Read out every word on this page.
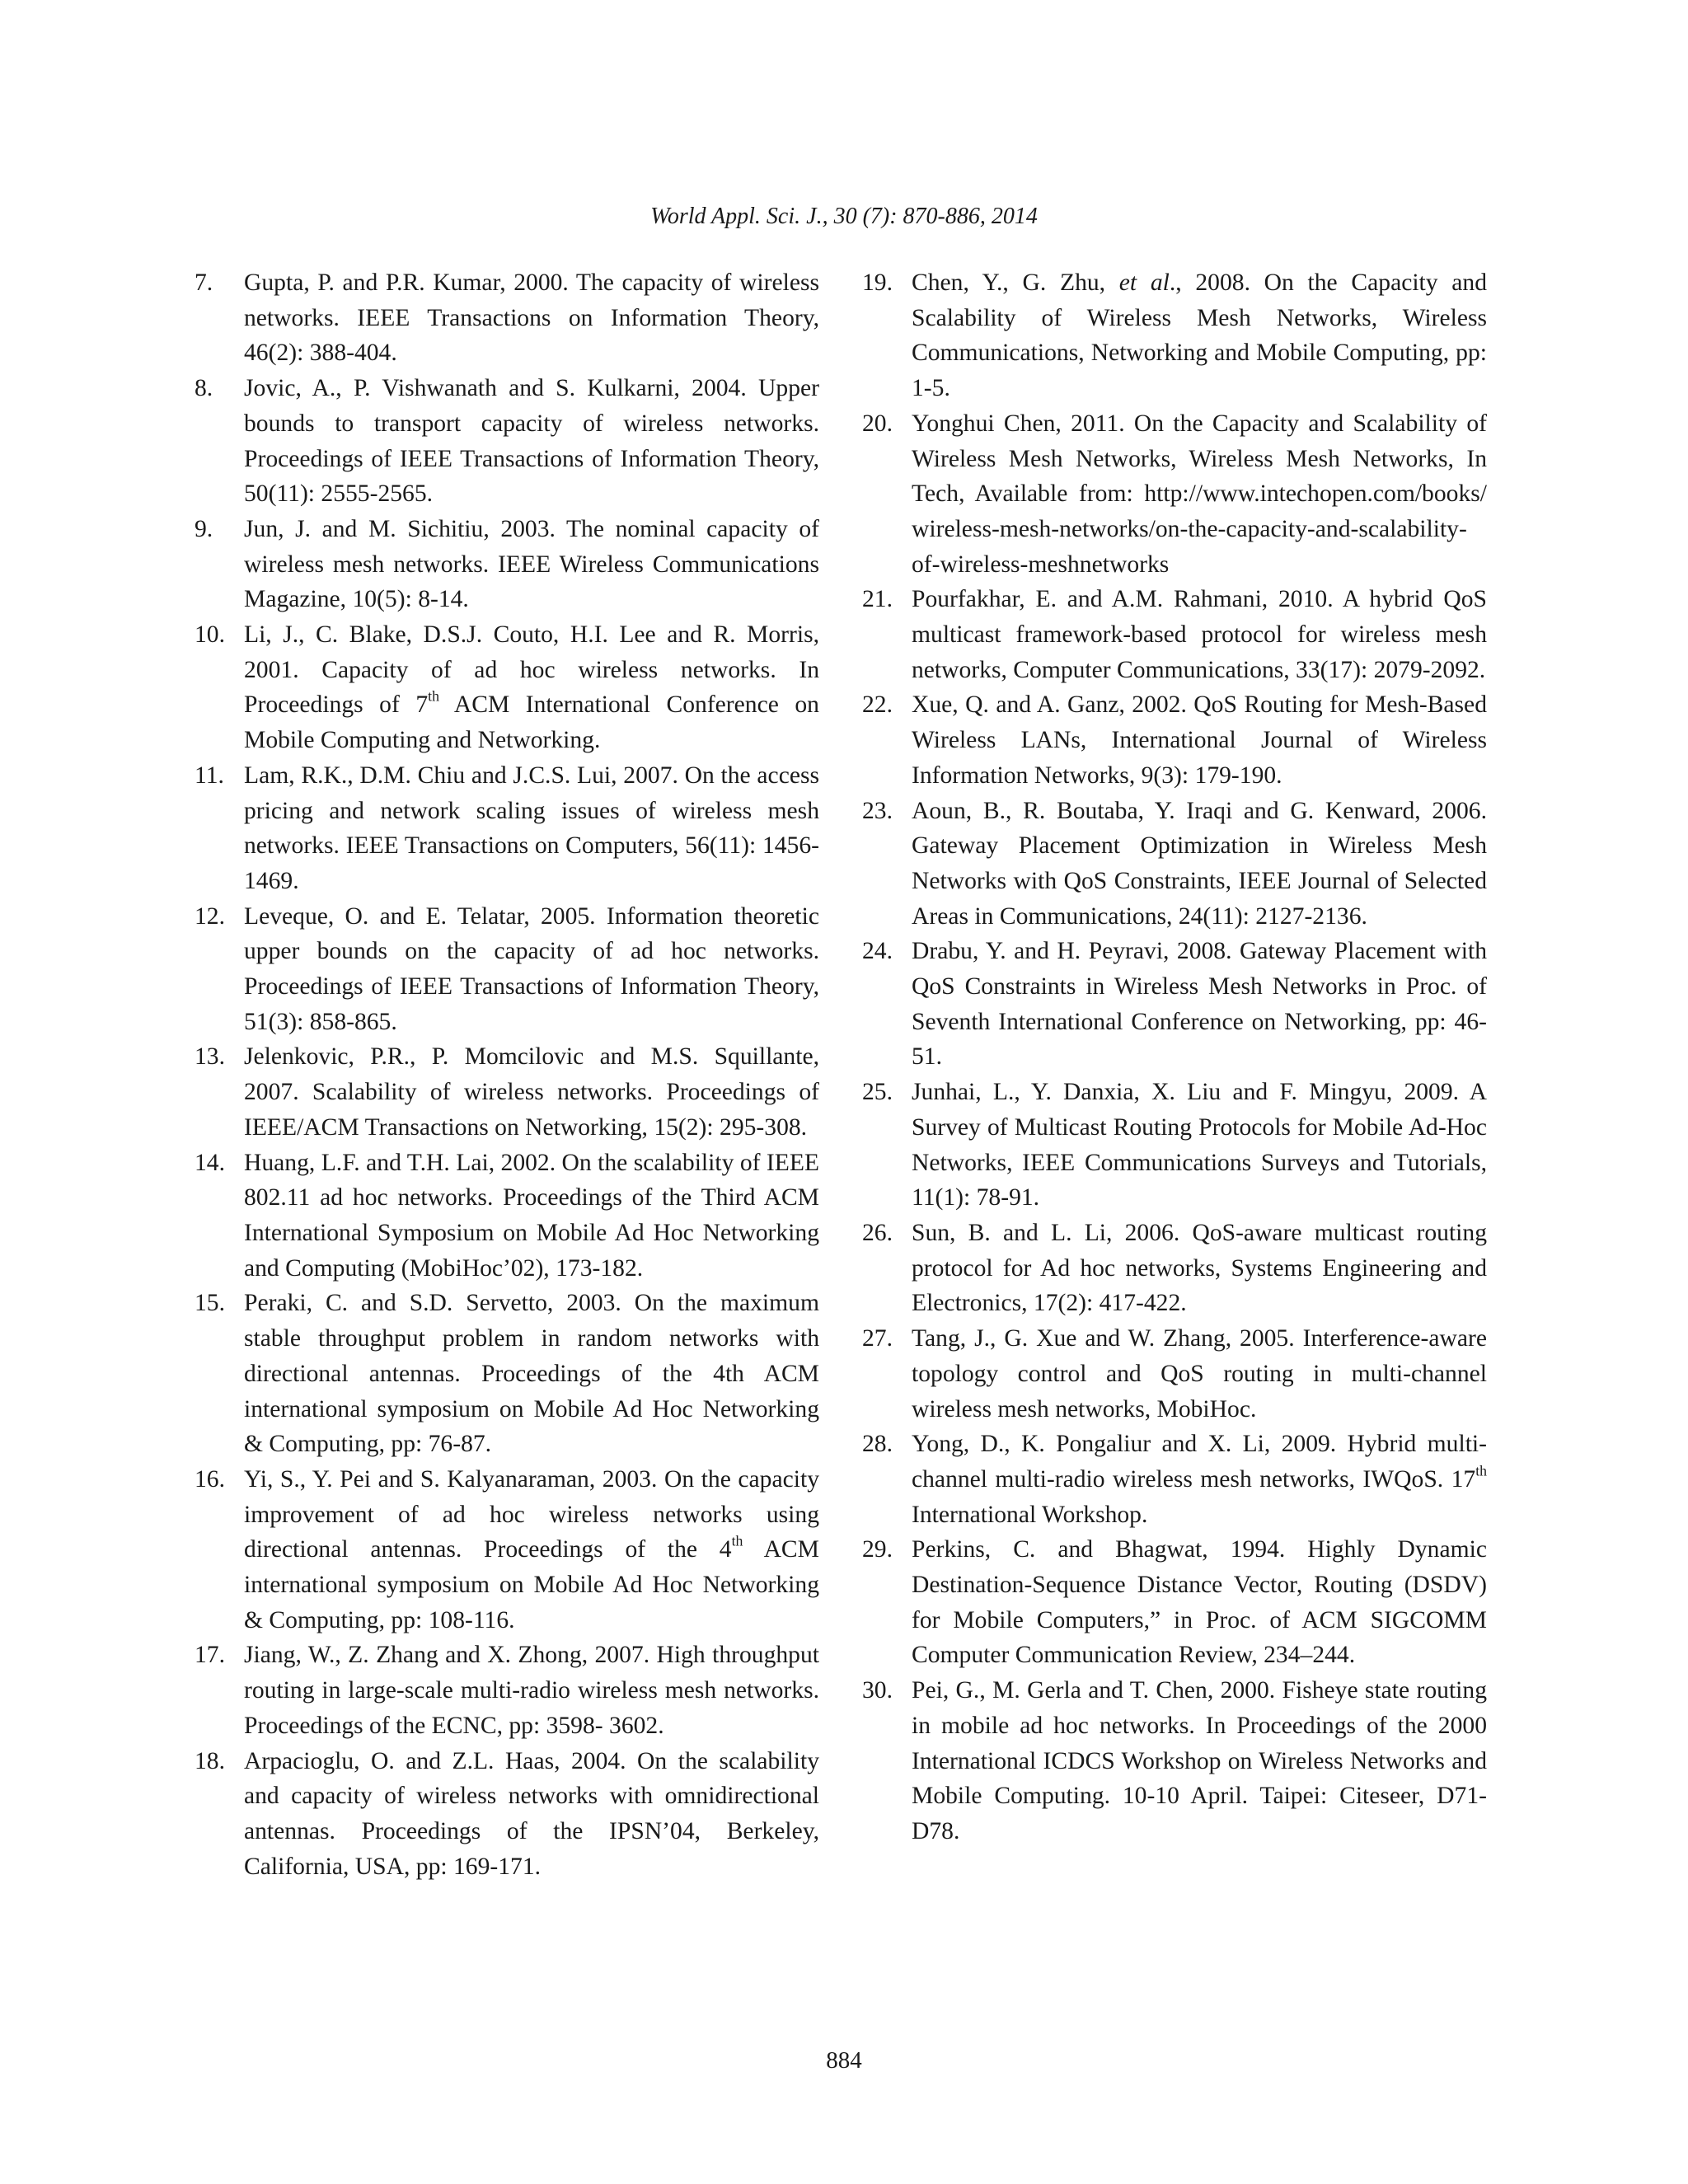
World Appl. Sci. J., 30 (7): 870-886, 2014
7.	Gupta, P. and P.R. Kumar, 2000. The capacity of wireless networks. IEEE Transactions on Information Theory, 46(2): 388-404.
8.	Jovic, A., P. Vishwanath and S. Kulkarni, 2004. Upper bounds to transport capacity of wireless networks. Proceedings of IEEE Transactions of Information Theory, 50(11): 2555-2565.
9.	Jun, J. and M. Sichitiu, 2003. The nominal capacity of wireless mesh networks. IEEE Wireless Communications Magazine, 10(5): 8-14.
10. Li, J., C. Blake, D.S.J. Couto, H.I. Lee and R. Morris, 2001. Capacity of ad hoc wireless networks. In Proceedings of 7th ACM International Conference on Mobile Computing and Networking.
11. Lam, R.K., D.M. Chiu and J.C.S. Lui, 2007. On the access pricing and network scaling issues of wireless mesh networks. IEEE Transactions on Computers, 56(11): 1456-1469.
12. Leveque, O. and E. Telatar, 2005. Information theoretic upper bounds on the capacity of ad hoc networks. Proceedings of IEEE Transactions of Information Theory, 51(3): 858-865.
13. Jelenkovic, P.R., P. Momcilovic and M.S. Squillante, 2007. Scalability of wireless networks. Proceedings of IEEE/ACM Transactions on Networking, 15(2): 295-308.
14. Huang, L.F. and T.H. Lai, 2002. On the scalability of IEEE 802.11 ad hoc networks. Proceedings of the Third ACM International Symposium on Mobile Ad Hoc Networking and Computing (MobiHoc’02), 173-182.
15. Peraki, C. and S.D. Servetto, 2003. On the maximum stable throughput problem in random networks with directional antennas. Proceedings of the 4th ACM international symposium on Mobile Ad Hoc Networking & Computing, pp: 76-87.
16. Yi, S., Y. Pei and S. Kalyanaraman, 2003. On the capacity improvement of ad hoc wireless networks using directional antennas. Proceedings of the 4th ACM international symposium on Mobile Ad Hoc Networking & Computing, pp: 108-116.
17. Jiang, W., Z. Zhang and X. Zhong, 2007. High throughput routing in large-scale multi-radio wireless mesh networks. Proceedings of the ECNC, pp: 3598- 3602.
18. Arpacioglu, O. and Z.L. Haas, 2004. On the scalability and capacity of wireless networks with omnidirectional antennas. Proceedings of the IPSN’04, Berkeley, California, USA, pp: 169-171.
19. Chen, Y., G. Zhu, et al., 2008. On the Capacity and Scalability of Wireless Mesh Networks, Wireless Communications, Networking and Mobile Computing, pp: 1-5.
20. Yonghui Chen, 2011. On the Capacity and Scalability of Wireless Mesh Networks, Wireless Mesh Networks, In Tech, Available from: http://www.intechopen.com/books/ wireless-mesh-networks/on-the-capacity-and-scalability-of-wireless-meshnetworks
21. Pourfakhar, E. and A.M. Rahmani, 2010. A hybrid QoS multicast framework-based protocol for wireless mesh networks, Computer Communications, 33(17): 2079-2092.
22. Xue, Q. and A. Ganz, 2002. QoS Routing for Mesh-Based Wireless LANs, International Journal of Wireless Information Networks, 9(3): 179-190.
23. Aoun, B., R. Boutaba, Y. Iraqi and G. Kenward, 2006. Gateway Placement Optimization in Wireless Mesh Networks with QoS Constraints, IEEE Journal of Selected Areas in Communications, 24(11): 2127-2136.
24. Drabu, Y. and H. Peyravi, 2008. Gateway Placement with QoS Constraints in Wireless Mesh Networks in Proc. of Seventh International Conference on Networking, pp: 46-51.
25. Junhai, L., Y. Danxia, X. Liu and F. Mingyu, 2009. A Survey of Multicast Routing Protocols for Mobile Ad-Hoc Networks, IEEE Communications Surveys and Tutorials, 11(1): 78-91.
26. Sun, B. and L. Li, 2006. QoS-aware multicast routing protocol for Ad hoc networks, Systems Engineering and Electronics, 17(2): 417-422.
27. Tang, J., G. Xue and W. Zhang, 2005. Interference-aware topology control and QoS routing in multi-channel wireless mesh networks, MobiHoc.
28. Yong, D., K. Pongaliur and X. Li, 2009. Hybrid multi-channel multi-radio wireless mesh networks, IWQoS. 17th International Workshop.
29. Perkins, C. and Bhagwat, 1994. Highly Dynamic Destination-Sequence Distance Vector, Routing (DSDV) for Mobile Computers,” in Proc. of ACM SIGCOMM Computer Communication Review, 234–244.
30. Pei, G., M. Gerla and T. Chen, 2000. Fisheye state routing in mobile ad hoc networks. In Proceedings of the 2000 International ICDCS Workshop on Wireless Networks and Mobile Computing. 10-10 April. Taipei: Citeseer, D71-D78.
884
